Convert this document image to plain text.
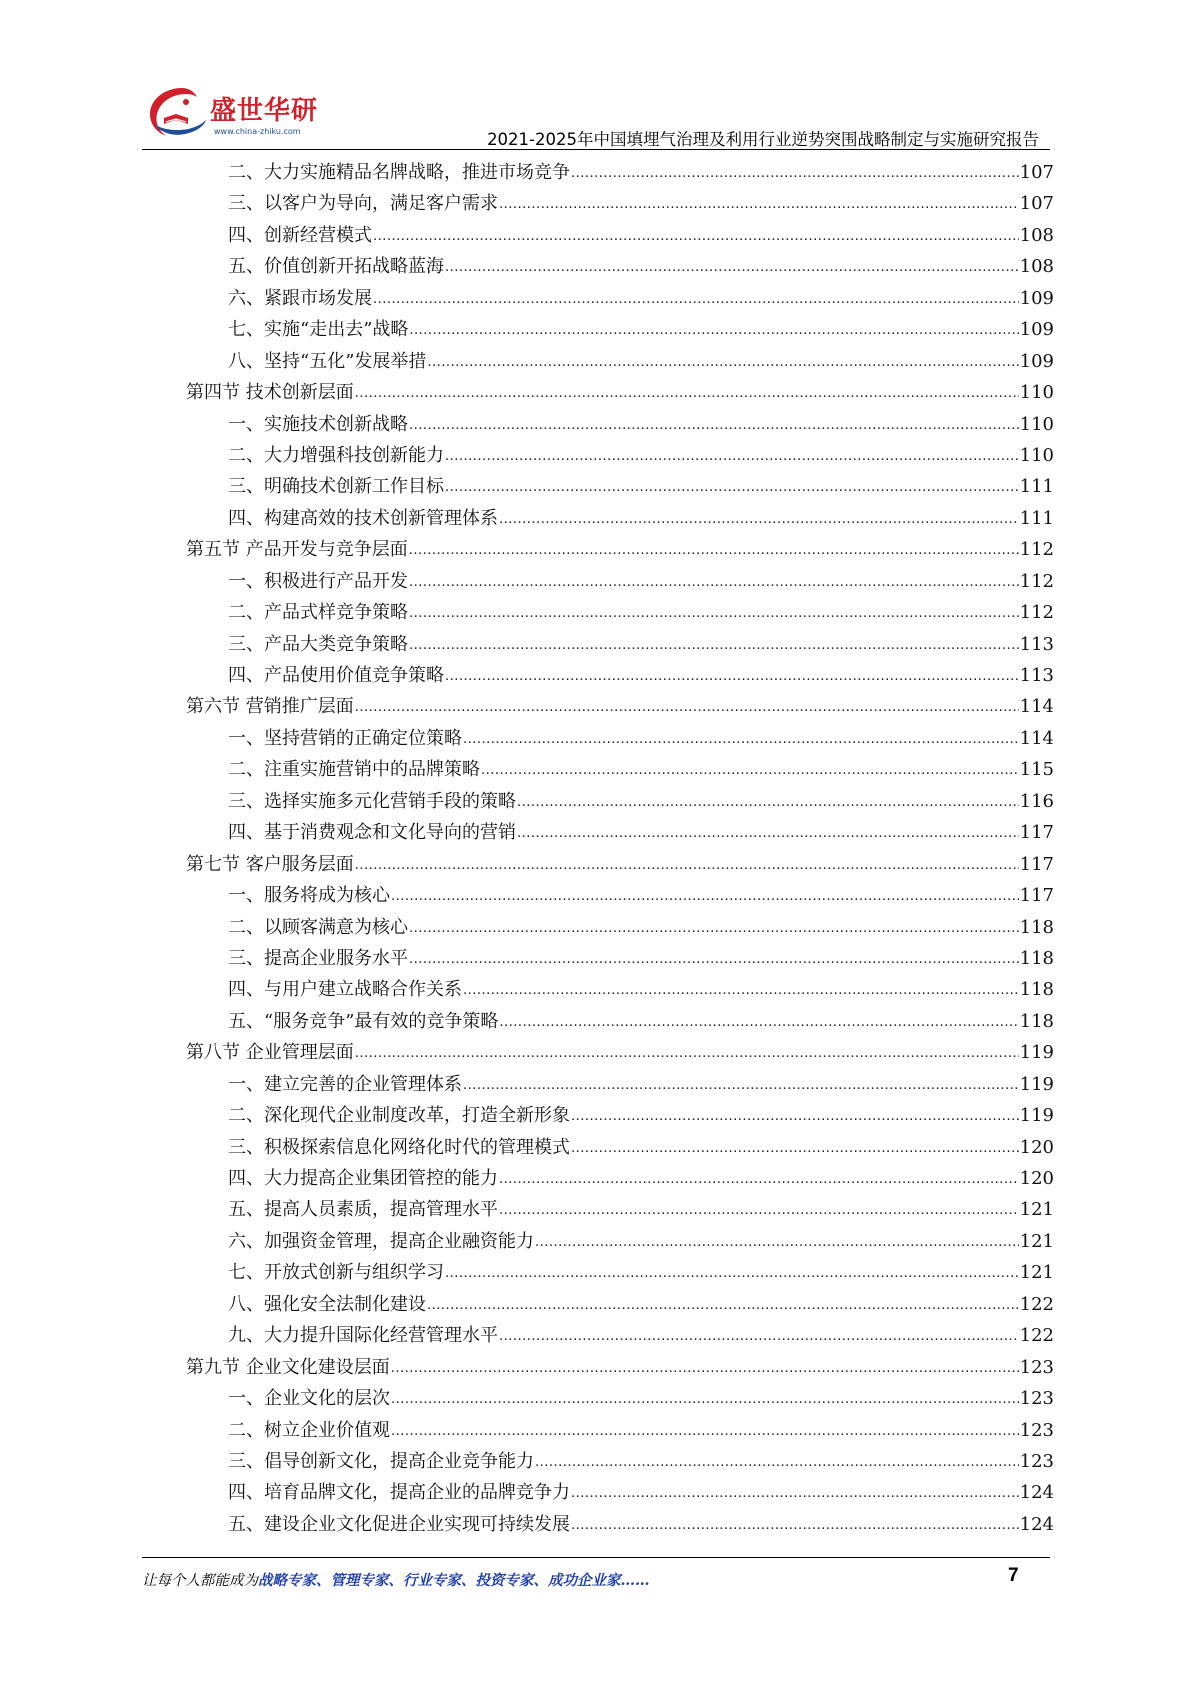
盛世华研
www.china-zhiku.com	2021-2025年中国填埋气治理及利用行业逆势突围战略制定与实施研究报告
二、大力实施精品名牌战略，推进市场竞争 .....	107
三、以客户为导向，满足客户需求 .....	107
四、创新经营模式 .....	108
五、价值创新开拓战略蓝海 .....	108
六、紧跟市场发展 .....	109
七、实施“走出去”战略 .....	109
八、坚持“五化”发展举措 .....	109
第四节 技术创新层面 .....	110
一、实施技术创新战略 .....	110
二、大力增强科技创新能力 .....	110
三、明确技术创新工作目标 .....	111
四、构建高效的技术创新管理体系 .....	111
第五节 产品开发与竞争层面 .....	112
一、积极进行产品开发 .....	112
二、产品式样竞争策略 .....	112
三、产品大类竞争策略 .....	113
四、产品使用价值竞争策略 .....	113
第六节 营销推广层面 .....	114
一、坚持营销的正确定位策略 .....	114
二、注重实施营销中的品牌策略 .....	115
三、选择实施多元化营销手段的策略 .....	116
四、基于消费观念和文化导向的营销 .....	117
第七节 客户服务层面 .....	117
一、服务将成为核心 .....	117
二、以顾客满意为核心 .....	118
三、提高企业服务水平 .....	118
四、与用户建立战略合作关系 .....	118
五、“服务竞争”最有效的竞争策略 .....	118
第八节 企业管理层面 .....	119
一、建立完善的企业管理体系 .....	119
二、深化现代企业制度改革，打造全新形象 .....	119
三、积极探索信息化网络化时代的管理模式 .....	120
四、大力提高企业集团管控的能力 .....	120
五、提高人员素质，提高管理水平 .....	121
六、加强资金管理，提高企业融资能力 .....	121
七、开放式创新与组织学习 .....	121
八、强化安全法制化建设 .....	122
九、大力提升国际化经营管理水平 .....	122
第九节 企业文化建设层面 .....	123
一、企业文化的层次 .....	123
二、树立企业价值观 .....	123
三、倡导创新文化，提高企业竞争能力 .....	123
四、培育品牌文化，提高企业的品牌竞争力 .....	124
五、建设企业文化促进企业实现可持续发展 .....	124
让每个人都能成为战略专家、管理专家、行业专家、投资专家、成功企业家……	7
